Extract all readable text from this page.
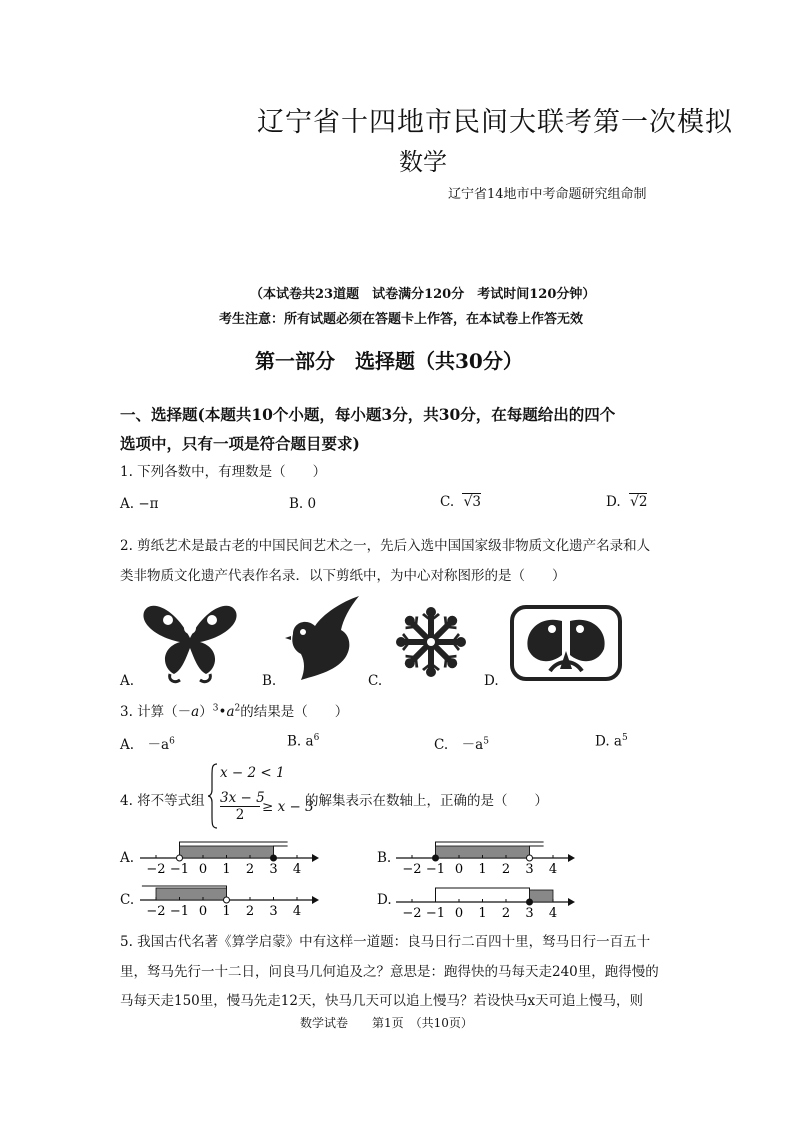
辽宁省十四地市民间大联考第一次模拟
数学
辽宁省14地市中考命题研究组命制
（本试卷共23道题　试卷满分120分　考试时间120分钟）
考生注意：所有试题必须在答题卡上作答，在本试卷上作答无效
第一部分　选择题（共30分）
一、选择题(本题共10个小题，每小题3分，共30分，在每题给出的四个
选项中，只有一项是符合题目要求)
1. 下列各数中，有理数是（　　）
A. −π	B. 0	C. √3	D. √2
2. 剪纸艺术是最古老的中国民间艺术之一，先后入选中国国家级非物质文化遗产名录和人
类非物质文化遗产代表作名录．以下剪纸中，为中心对称图形的是（　　）
A.	B.	C.	D.
3. 计算$(-a)^3•a^2$的结果是（　　）
A.　$-a^6$	B. $a^6$	C.　$-a^5$	D. $a^5$
4. 将不等式组
x − 2 < 1
3x − 5
2	≥ x − 3
的解集表示在数轴上，正确的是（　　）
A.	B.
C.	D.
−2 −1 0 1 2 3 4	−2 −1 0 1 2 3 4
−2 −1 0 1 2 3 4	−2 −1 0 1 2 3 4
5. 我国古代名著《算学启蒙》中有这样一道题：良马日行二百四十里，驽马日行一百五十
里，驽马先行一十二日，问良马几何追及之？意思是：跑得快的马每天走240里，跑得慢的
马每天走150里，慢马先走12天，快马几天可以追上慢马？若设快马x天可追上慢马，则
数学试卷　　第1页　（共10页）
